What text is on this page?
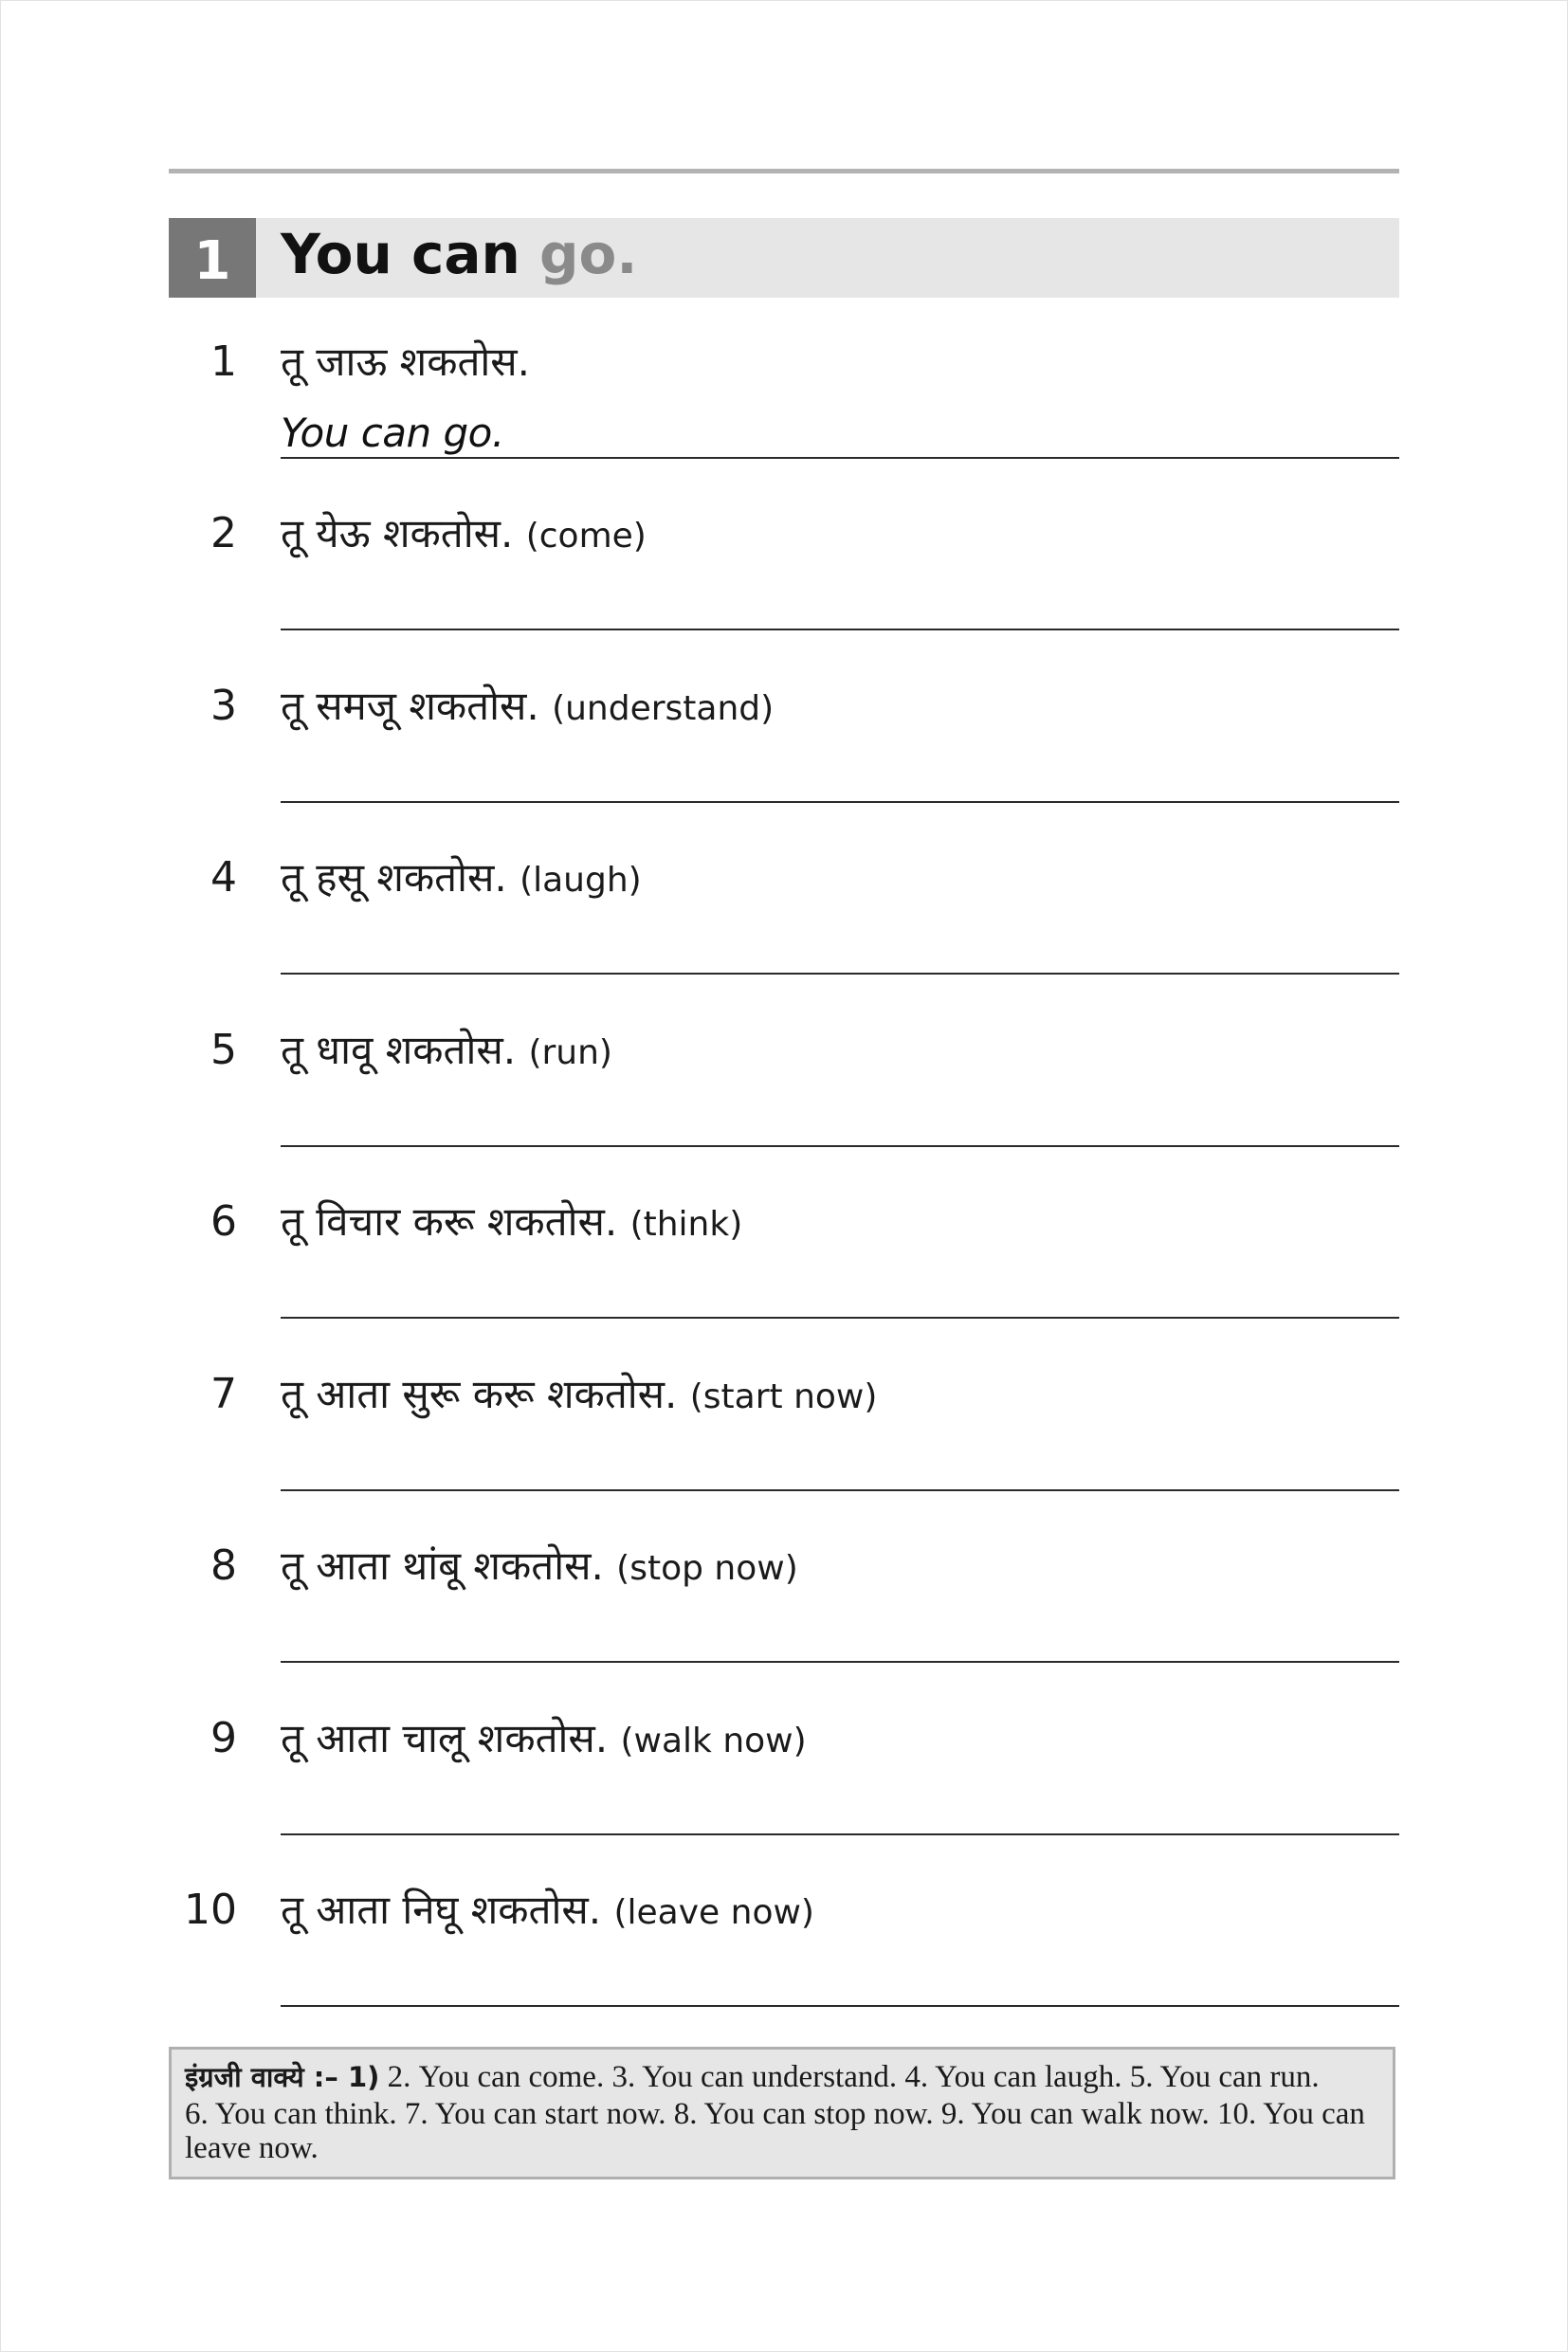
1 You can go.
1 तू जाऊ शकतोस.
You can go.
2 तू येऊ शकतोस. (come)
3 तू समजू शकतोस. (understand)
4 तू हसू शकतोस. (laugh)
5 तू धावू शकतोस. (run)
6 तू विचार करू शकतोस. (think)
7 तू आता सुरू करू शकतोस. (start now)
8 तू आता थांबू शकतोस. (stop now)
9 तू आता चालू शकतोस. (walk now)
10 तू आता निघू शकतोस. (leave now)
इंग्रजी वाक्ये :– 1) 2. You can come. 3. You can understand. 4. You can laugh. 5. You can run.
6. You can think. 7. You can start now. 8. You can stop now. 9. You can walk now. 10. You can leave now.
